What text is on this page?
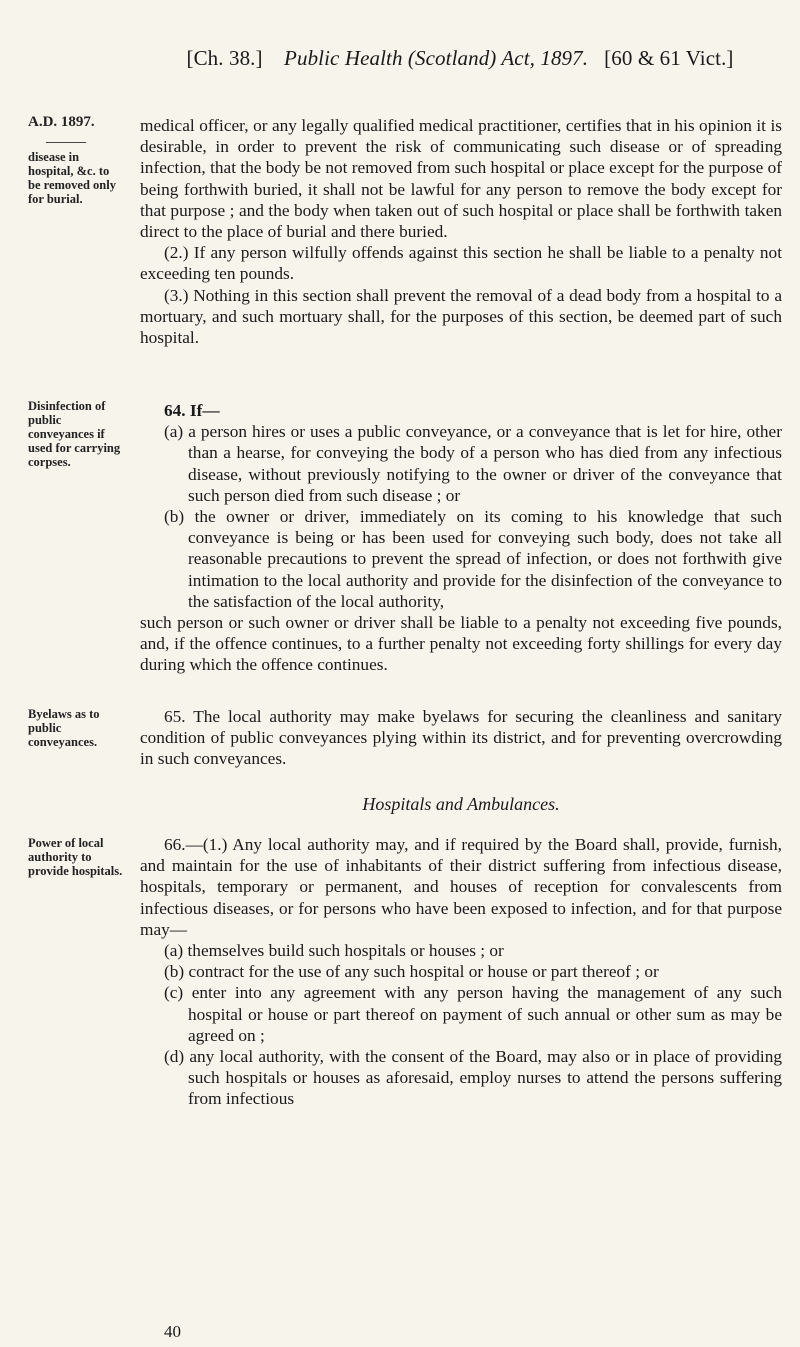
[Ch. 38.] Public Health (Scotland) Act, 1897. [60 & 61 Vict.]
A.D. 1897.
disease in hospital, &c. to be removed only for burial.
Disinfection of public conveyances if used for carrying corpses.
Byelaws as to public conveyances.
Power of local authority to provide hospitals.

medical officer, or any legally qualified medical practitioner, certifies that in his opinion it is desirable, in order to prevent the risk of communicating such disease or of spreading infection, that the body be not removed from such hospital or place except for the purpose of being forthwith buried, it shall not be lawful for any person to remove the body except for that purpose ; and the body when taken out of such hospital or place shall be forthwith taken direct to the place of burial and there buried.

(2.) If any person wilfully offends against this section he shall be liable to a penalty not exceeding ten pounds.

(3.) Nothing in this section shall prevent the removal of a dead body from a hospital to a mortuary, and such mortuary shall, for the purposes of this section, be deemed part of such hospital.

64. If—

(a) a person hires or uses a public conveyance, or a conveyance that is let for hire, other than a hearse, for conveying the body of a person who has died from any infectious disease, without previously notifying to the owner or driver of the conveyance that such person died from such disease ; or

(b) the owner or driver, immediately on its coming to his knowledge that such conveyance is being or has been used for conveying such body, does not take all reasonable precautions to prevent the spread of infection, or does not forthwith give intimation to the local authority and provide for the disinfection of the conveyance to the satisfaction of the local authority,

such person or such owner or driver shall be liable to a penalty not exceeding five pounds, and, if the offence continues, to a further penalty not exceeding forty shillings for every day during which the offence continues.

65. The local authority may make byelaws for securing the cleanliness and sanitary condition of public conveyances plying within its district, and for preventing overcrowding in such conveyances.

Hospitals and Ambulances.

66.—(1.) Any local authority may, and if required by the Board shall, provide, furnish, and maintain for the use of inhabitants of their district suffering from infectious disease, hospitals, temporary or permanent, and houses of reception for convalescents from infectious diseases, or for persons who have been exposed to infection, and for that purpose may—

(a) themselves build such hospitals or houses ; or

(b) contract for the use of any such hospital or house or part thereof ; or

(c) enter into any agreement with any person having the management of any such hospital or house or part thereof on payment of such annual or other sum as may be agreed on ;

(d) any local authority, with the consent of the Board, may also or in place of providing such hospitals or houses as aforesaid, employ nurses to attend the persons suffering from infectious

40
